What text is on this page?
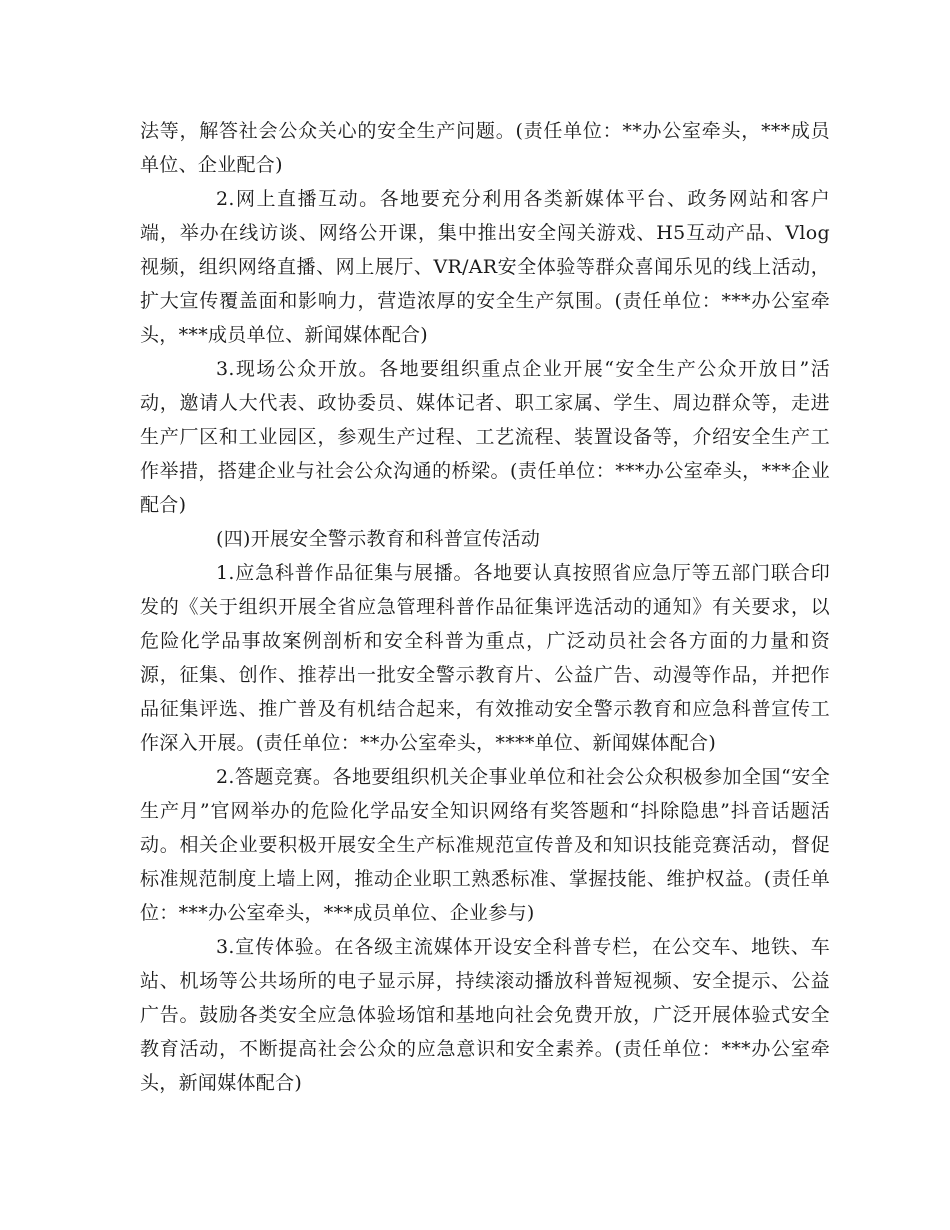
法等，解答社会公众关心的安全生产问题。(责任单位：**办公室牵头，***成员单位、企业配合)

2.网上直播互动。各地要充分利用各类新媒体平台、政务网站和客户端，举办在线访谈、网络公开课，集中推出安全闯关游戏、H5互动产品、Vlog视频，组织网络直播、网上展厅、VR/AR安全体验等群众喜闻乐见的线上活动，扩大宣传覆盖面和影响力，营造浓厚的安全生产氛围。(责任单位：***办公室牵头，***成员单位、新闻媒体配合)

3.现场公众开放。各地要组织重点企业开展“安全生产公众开放日”活动，邀请人大代表、政协委员、媒体记者、职工家属、学生、周边群众等，走进生产厂区和工业园区，参观生产过程、工艺流程、装置设备等，介绍安全生产工作举措，搭建企业与社会公众沟通的桥梁。(责任单位：***办公室牵头，***企业配合)

(四)开展安全警示教育和科普宣传活动

1.应急科普作品征集与展播。各地要认真按照省应急厅等五部门联合印发的《关于组织开展全省应急管理科普作品征集评选活动的通知》有关要求，以危险化学品事故案例剖析和安全科普为重点，广泛动员社会各方面的力量和资源，征集、创作、推荐出一批安全警示教育片、公益广告、动漫等作品，并把作品征集评选、推广普及有机结合起来，有效推动安全警示教育和应急科普宣传工作深入开展。(责任单位：**办公室牵头，****单位、新闻媒体配合)

2.答题竞赛。各地要组织机关企事业单位和社会公众积极参加全国“安全生产月”官网举办的危险化学品安全知识网络有奖答题和“抖除隐患”抖音话题活动。相关企业要积极开展安全生产标准规范宣传普及和知识技能竞赛活动，督促标准规范制度上墙上网，推动企业职工熟悉标准、掌握技能、维护权益。(责任单位：***办公室牵头，***成员单位、企业参与)

3.宣传体验。在各级主流媒体开设安全科普专栏，在公交车、地铁、车站、机场等公共场所的电子显示屏，持续滚动播放科普短视频、安全提示、公益广告。鼓励各类安全应急体验场馆和基地向社会免费开放，广泛开展体验式安全教育活动，不断提高社会公众的应急意识和安全素养。(责任单位：***办公室牵头，新闻媒体配合)
